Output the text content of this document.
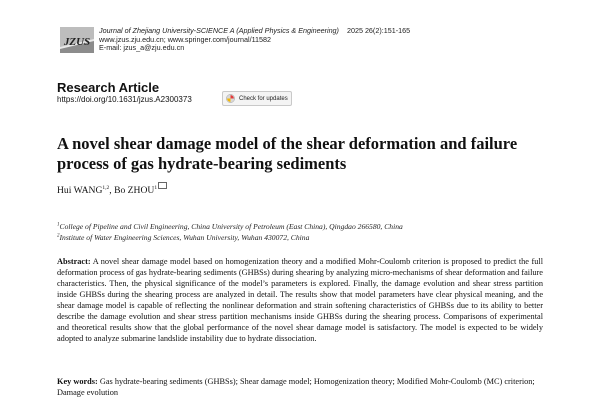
JZUS
Journal of Zhejiang University-SCIENCE A (Applied Physics & Engineering) 2025 26(2):151-165
www.jzus.zju.edu.cn; www.springer.com/journal/11582
E-mail: jzus_a@zju.edu.cn
Research Article
https://doi.org/10.1631/jzus.A2300373	Check for updates
A novel shear damage model of the shear deformation and failure process of gas hydrate-bearing sediments
Hui WANG$^{1,2}$, Bo ZHOU$^1$
$^1$College of Pipeline and Civil Engineering, China University of Petroleum (East China), Qingdao 266580, China
$^2$Institute of Water Engineering Sciences, Wuhan University, Wuhan 430072, China
Abstract: A novel shear damage model based on homogenization theory and a modified Mohr-Coulomb criterion is proposed to predict the full deformation process of gas hydrate-bearing sediments (GHBSs) during shearing by analyzing micro-mechanisms of shear deformation and failure characteristics. Then, the physical significance of the model’s parameters is explored. Finally, the damage evolution and shear stress partition inside GHBSs during the shearing process are analyzed in detail. The results show that model parameters have clear physical meaning, and the shear damage model is capable of reflecting the nonlinear deformation and strain softening characteristics of GHBSs due to its ability to better describe the damage evolution and shear stress partition mechanisms inside GHBSs during the shearing process. Comparisons of experimental and theoretical results show that the global performance of the novel shear damage model is satisfactory. The model is expected to be widely adopted to analyze submarine landslide instability due to hydrate dissociation.
Key words: Gas hydrate-bearing sediments (GHBSs); Shear damage model; Homogenization theory; Modified Mohr-Coulomb (MC) criterion; Damage evolution
